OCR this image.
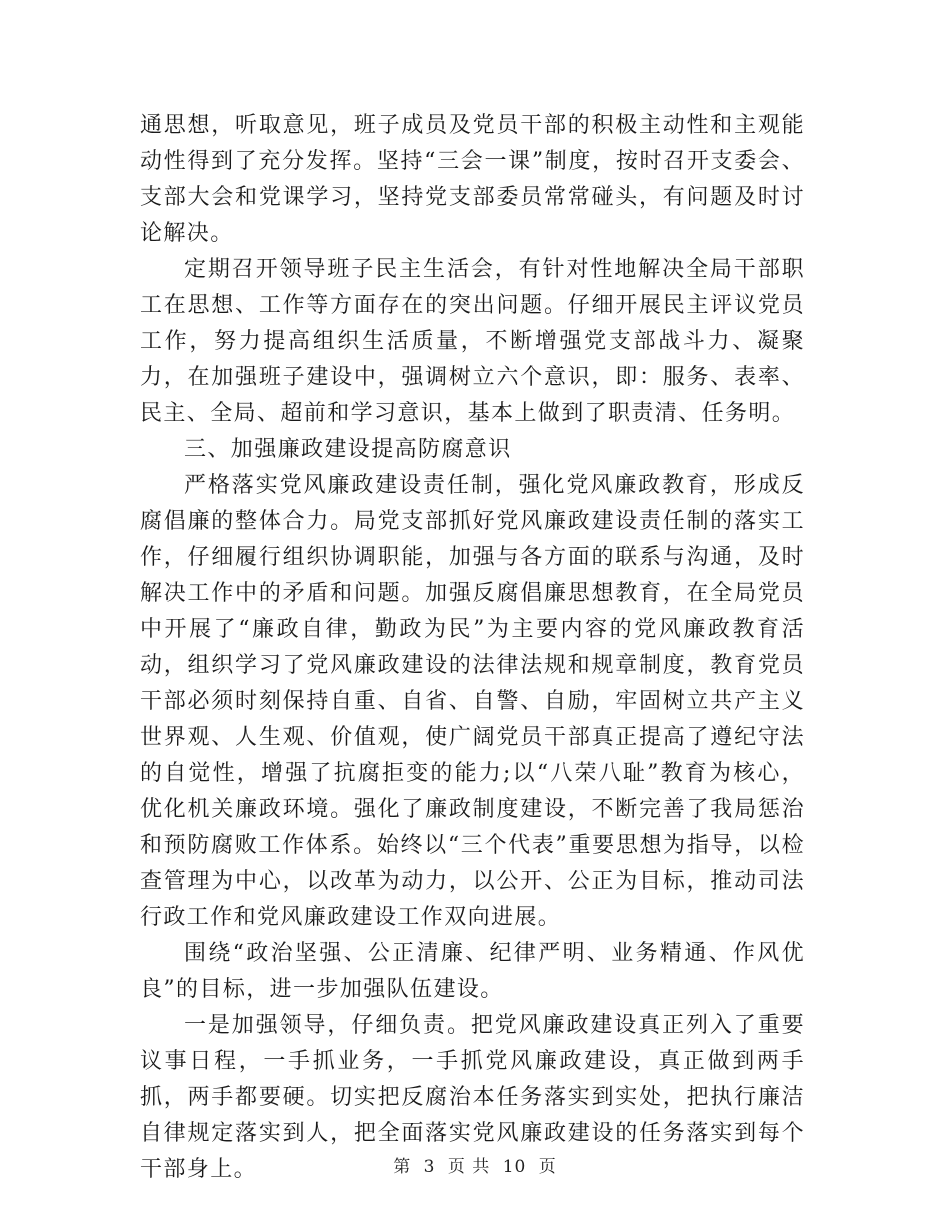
通思想，听取意见，班子成员及党员干部的积极主动性和主观能动性得到了充分发挥。坚持“三会一课”制度，按时召开支委会、支部大会和党课学习，坚持党支部委员常常碰头，有问题及时讨论解决。

定期召开领导班子民主生活会，有针对性地解决全局干部职工在思想、工作等方面存在的突出问题。仔细开展民主评议党员工作，努力提高组织生活质量，不断增强党支部战斗力、凝聚力，在加强班子建设中，强调树立六个意识，即：服务、表率、民主、全局、超前和学习意识，基本上做到了职责清、任务明。

三、加强廉政建设提高防腐意识

严格落实党风廉政建设责任制，强化党风廉政教育，形成反腐倡廉的整体合力。局党支部抓好党风廉政建设责任制的落实工作，仔细履行组织协调职能，加强与各方面的联系与沟通，及时解决工作中的矛盾和问题。加强反腐倡廉思想教育，在全局党员中开展了“廉政自律，勤政为民”为主要内容的党风廉政教育活动，组织学习了党风廉政建设的法律法规和规章制度，教育党员干部必须时刻保持自重、自省、自警、自励，牢固树立共产主义世界观、人生观、价值观，使广阔党员干部真正提高了遵纪守法的自觉性，增强了抗腐拒变的能力;以“八荣八耻”教育为核心，优化机关廉政环境。强化了廉政制度建设，不断完善了我局惩治和预防腐败工作体系。始终以“三个代表”重要思想为指导，以检查管理为中心，以改革为动力，以公开、公正为目标，推动司法行政工作和党风廉政建设工作双向进展。

围绕“政治坚强、公正清廉、纪律严明、业务精通、作风优良”的目标，进一步加强队伍建设。

一是加强领导，仔细负责。把党风廉政建设真正列入了重要议事日程，一手抓业务，一手抓党风廉政建设，真正做到两手抓，两手都要硬。切实把反腐治本任务落实到实处，把执行廉洁自律规定落实到人，把全面落实党风廉政建设的任务落实到每个干部身上。	第 3 页 共 10 页
